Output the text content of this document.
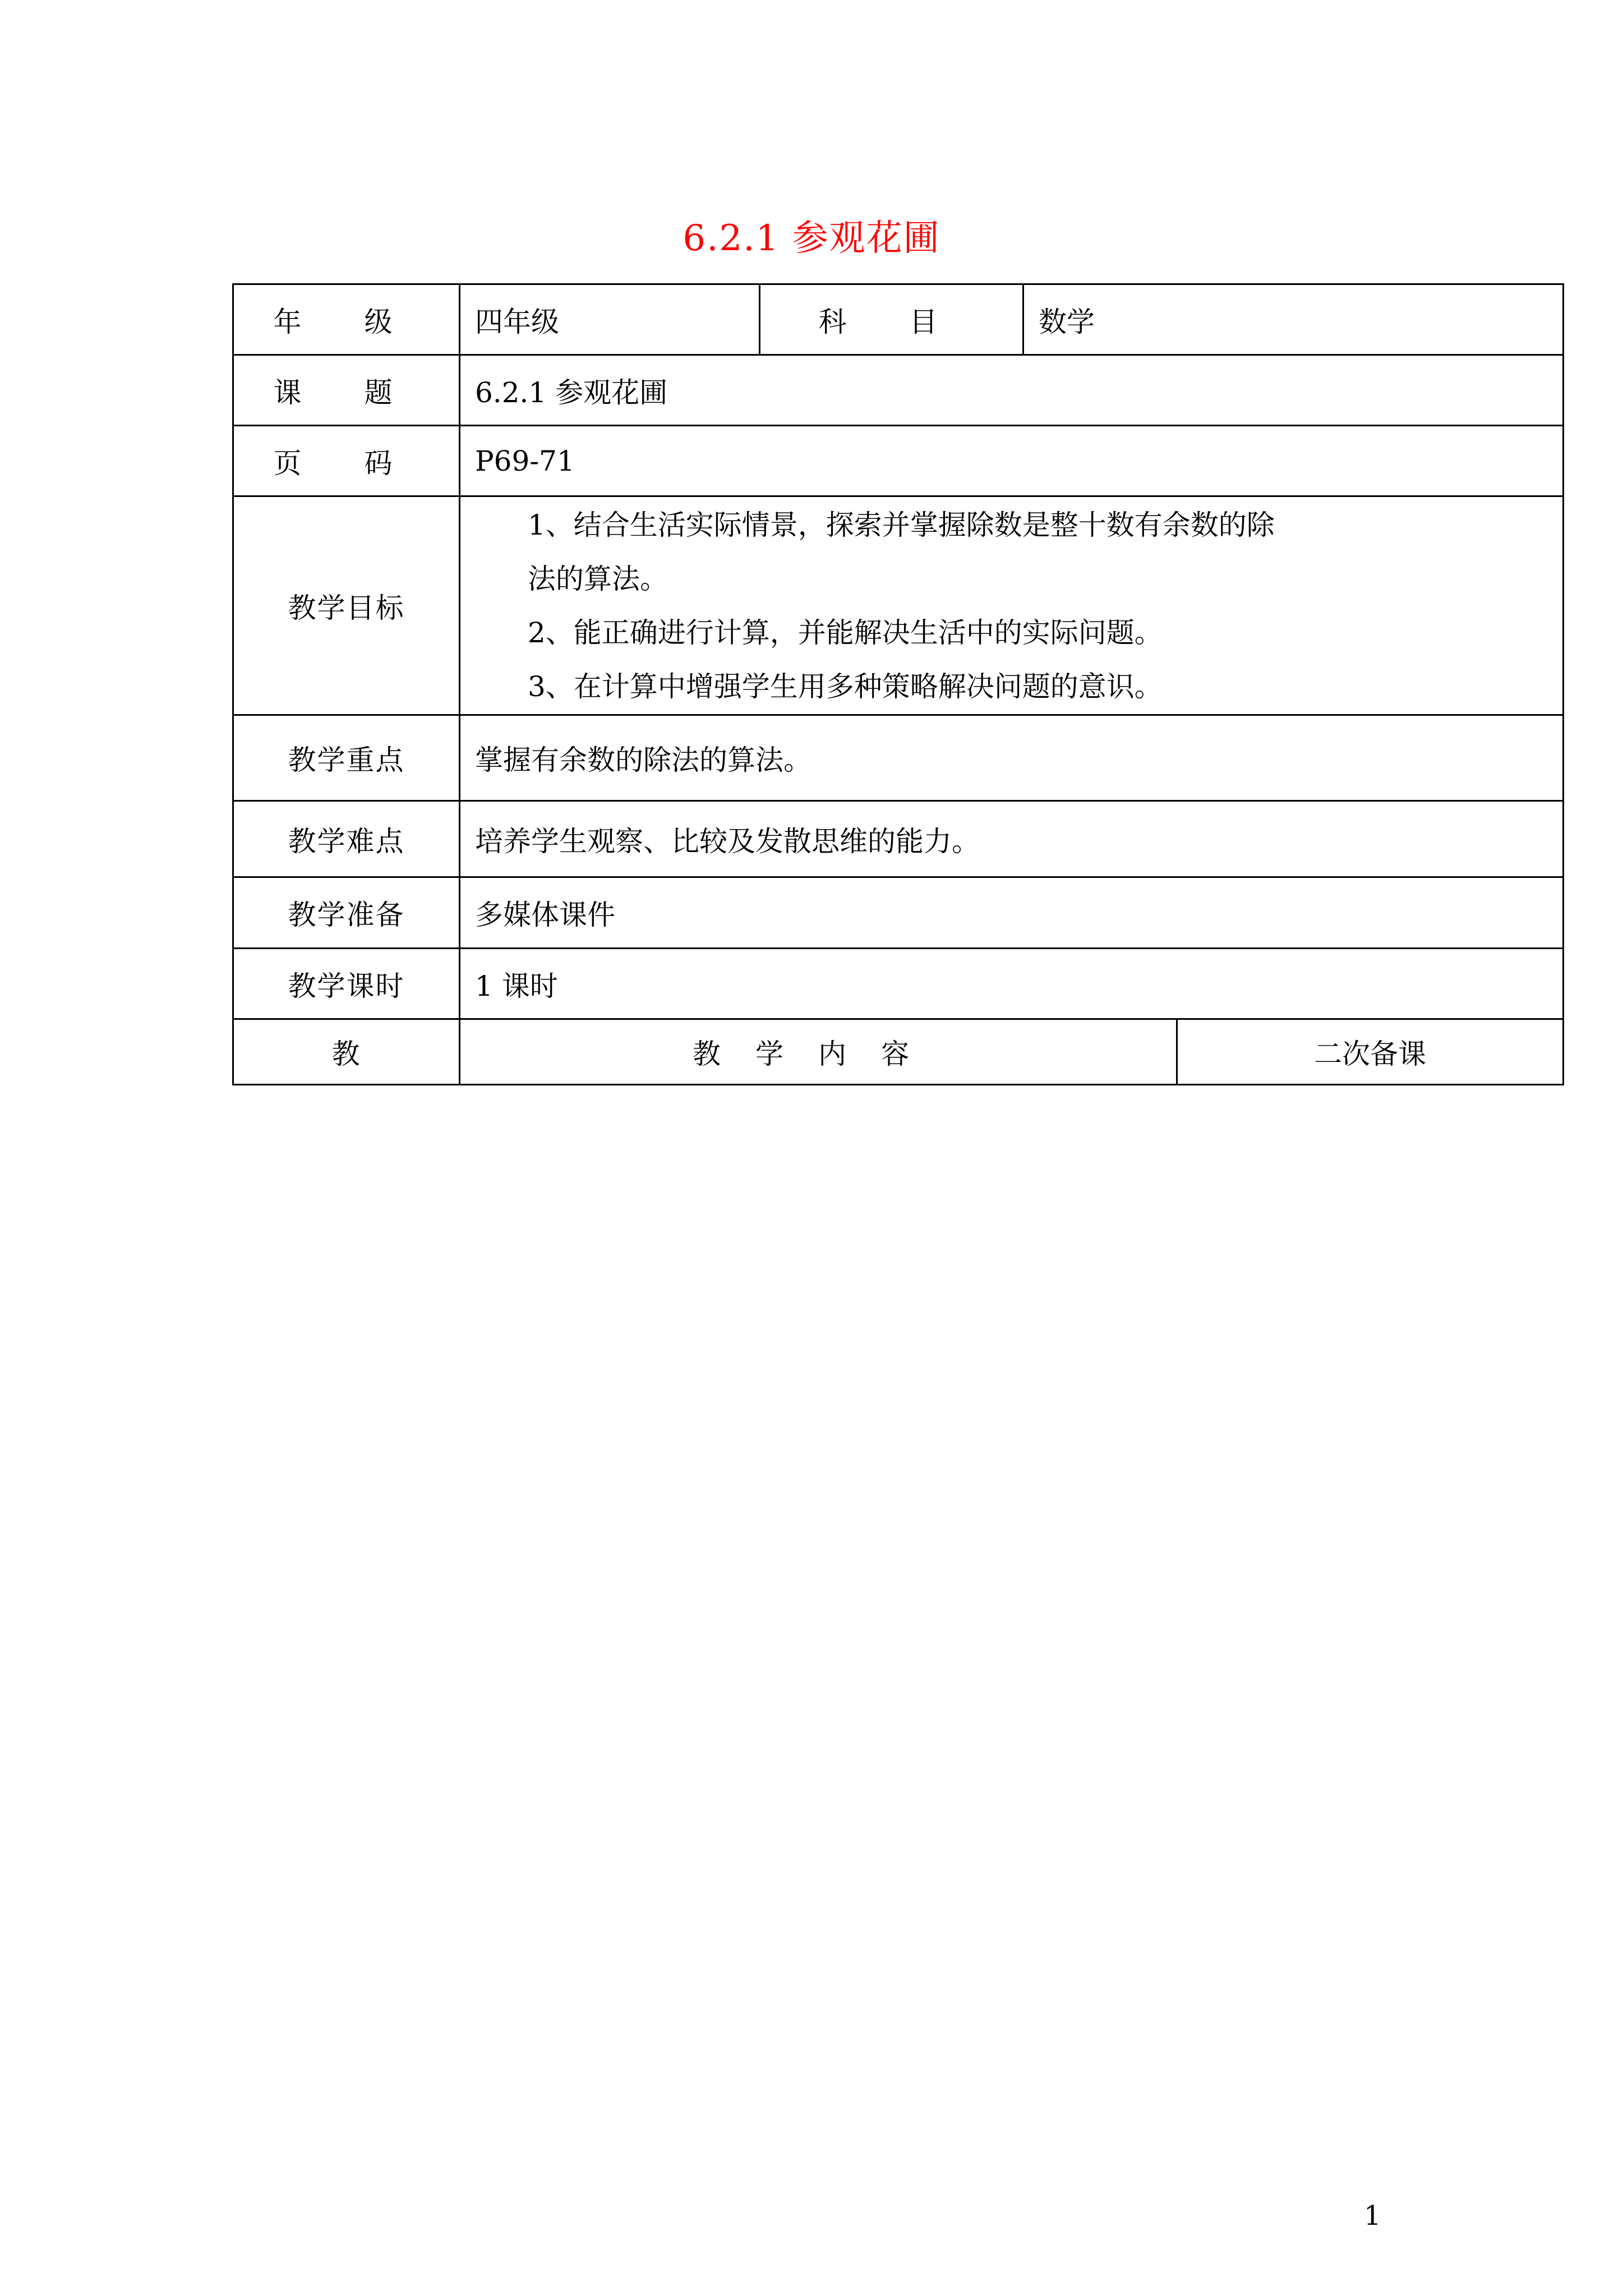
6.2.1 参观花圃
年 级	四年级	科 目	数学	
课 题	6.2.1 参观花圃			
页 码	P69-71			
教学目标	1、结合生活实际情景，探索并掌握除数是整十数有余数的除
法的算法。
2、能正确进行计算，并能解决生活中的实际问题。
3、在计算中增强学生用多种策略解决问题的意识。			

教学重点	掌握有余数的除法的算法。			
教学难点	培养学生观察、比较及发散思维的能力。			
教学准备	多媒体课件			
教学课时	1 课时			
教	教学内容			二次备课
1
